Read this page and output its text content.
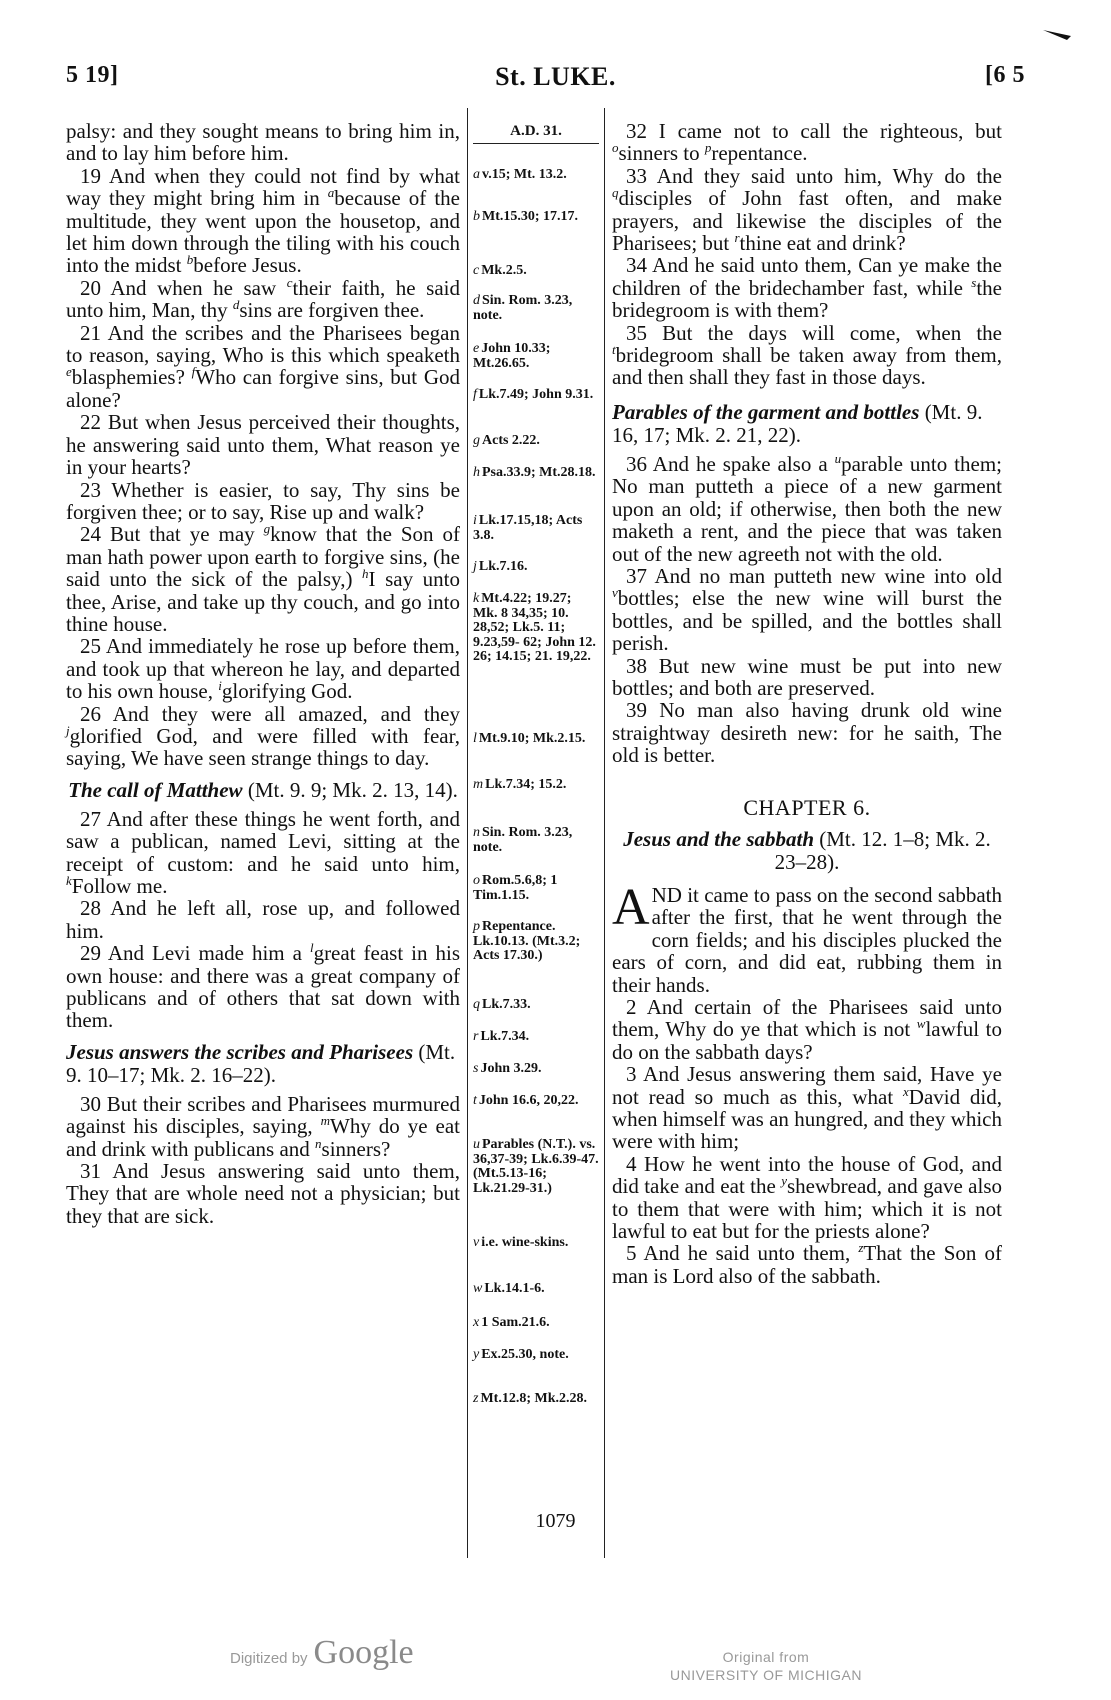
5 19]	St. LUKE.	[6 5

palsy: and they sought means to bring him in, and to lay him before him.

19 And when they could not find by what way they might bring him in $^a$because of the multitude, they went upon the housetop, and let him down through the tiling with his couch into the midst $^b$before Jesus.

20 And when he saw $^c$their faith, he said unto him, Man, thy $^d$sins are forgiven thee.

21 And the scribes and the Pharisees began to reason, saying, Who is this which speaketh $^e$blasphemies? $^f$Who can forgive sins, but God alone?

22 But when Jesus perceived their thoughts, he answering said unto them, What reason ye in your hearts?

23 Whether is easier, to say, Thy sins be forgiven thee; or to say, Rise up and walk?

24 But that ye may $^g$know that the Son of man hath power upon earth to forgive sins, (he said unto the sick of the palsy,) $^h$I say unto thee, Arise, and take up thy couch, and go into thine house.

25 And immediately he rose up before them, and took up that whereon he lay, and departed to his own house, $^i$glorifying God.

26 And they were all amazed, and they $^j$glorified God, and were filled with fear, saying, We have seen strange things to day.

The call of Matthew (Mt. 9. 9; Mk. 2. 13, 14).

27 And after these things he went forth, and saw a publican, named Levi, sitting at the receipt of custom: and he said unto him, $^k$Follow me.

28 And he left all, rose up, and followed him.

29 And Levi made him a $^l$great feast in his own house: and there was a great company of publicans and of others that sat down with them.

Jesus answers the scribes and Pharisees (Mt. 9. 10–17; Mk. 2. 16–22).

30 But their scribes and Pharisees murmured against his disciples, saying, $^m$Why do ye eat and drink with publicans and $^n$sinners?

31 And Jesus answering said unto them, They that are whole need not a physician; but they that are sick.

A.D. 31.
a v.15; Mt. 13.2.
b Mt.15.30; 17.17.
c Mk.2.5.
d Sin. Rom. 3.23, note.
e John 10.33; Mt.26.65.
f Lk.7.49; John 9.31.
g Acts 2.22.
h Psa.33.9; Mt.28.18.
i Lk.17.15,18; Acts 3.8.
j Lk.7.16.
k Mt.4.22; 19.27; Mk. 8 34,35; 10. 28,52; Lk.5. 11; 9.23,59- 62; John 12. 26; 14.15; 21. 19,22.
l Mt.9.10; Mk.2.15.
m Lk.7.34; 15.2.
n Sin. Rom. 3.23, note.
o Rom.5.6,8; 1 Tim.1.15.
p Repentance. Lk.10.13. (Mt.3.2; Acts 17.30.)
q Lk.7.33.
r Lk.7.34.
s John 3.29.
t John 16.6, 20,22.
u Parables (N.T.). vs. 36,37-39; Lk.6.39-47. (Mt.5.13-16; Lk.21.29-31.)
v i.e. wine-skins.
w Lk.14.1-6.
x 1 Sam.21.6.
y Ex.25.30, note.
z Mt.12.8; Mk.2.28.

32 I came not to call the righteous, but $^o$sinners to $^p$repentance.

33 And they said unto him, Why do the $^q$disciples of John fast often, and make prayers, and likewise the disciples of the Pharisees; but $^r$thine eat and drink?

34 And he said unto them, Can ye make the children of the bridechamber fast, while $^s$the bridegroom is with them?

35 But the days will come, when the $^t$bridegroom shall be taken away from them, and then shall they fast in those days.

Parables of the garment and bottles (Mt. 9. 16, 17; Mk. 2. 21, 22).

36 And he spake also a $^u$parable unto them; No man putteth a piece of a new garment upon an old; if otherwise, then both the new maketh a rent, and the piece that was taken out of the new agreeth not with the old.

37 And no man putteth new wine into old $^v$bottles; else the new wine will burst the bottles, and be spilled, and the bottles shall perish.

38 But new wine must be put into new bottles; and both are preserved.

39 No man also having drunk old wine straightway desireth new: for he saith, The old is better.

CHAPTER 6.
Jesus and the sabbath (Mt. 12. 1–8; Mk. 2. 23–28).

AND it came to pass on the second sabbath after the first, that he went through the corn fields; and his disciples plucked the ears of corn, and did eat, rubbing them in their hands.

2 And certain of the Pharisees said unto them, Why do ye that which is not $^w$lawful to do on the sabbath days?

3 And Jesus answering them said, Have ye not read so much as this, what $^x$David did, when himself was an hungred, and they which were with him;

4 How he went into the house of God, and did take and eat the $^y$shewbread, and gave also to them that were with him; which it is not lawful to eat but for the priests alone?

5 And he said unto them, $^z$That the Son of man is Lord also of the sabbath.

1079
Digitized by Google	Original from
UNIVERSITY OF MICHIGAN
